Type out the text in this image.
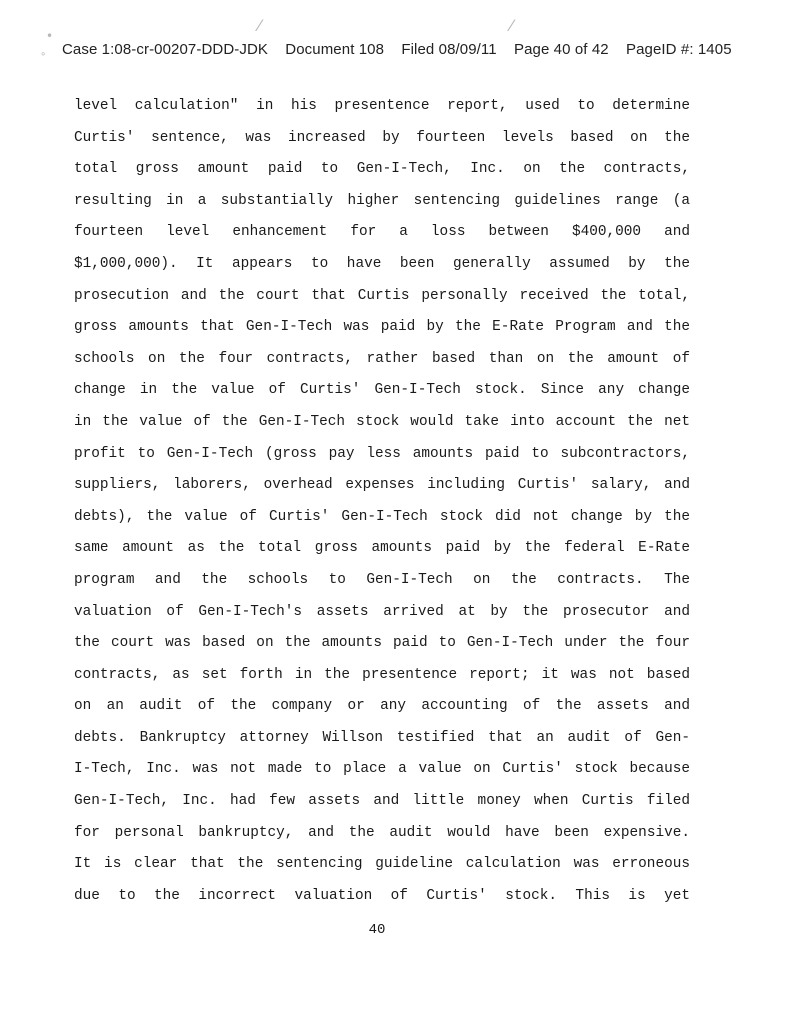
•
∘
⁄	⁄
Case 1:08-cr-00207-DDD-JDK Document 108 Filed 08/09/11 Page 40 of 42 PageID #: 1405
level calculation" in his presentence report, used to determine
Curtis' sentence, was increased by fourteen levels based on the
total gross amount paid to Gen-I-Tech, Inc. on the contracts,
resulting in a substantially higher sentencing guidelines range (a
fourteen level enhancement for a loss between $400,000 and
$1,000,000). It appears to have been generally assumed by the
prosecution and the court that Curtis personally received the total,
gross amounts that Gen-I-Tech was paid by the E-Rate Program and the
schools on the four contracts, rather based than on the amount of
change in the value of Curtis' Gen-I-Tech stock. Since any change
in the value of the Gen-I-Tech stock would take into account the net
profit to Gen-I-Tech (gross pay less amounts paid to subcontractors,
suppliers, laborers, overhead expenses including Curtis' salary, and
debts), the value of Curtis' Gen-I-Tech stock did not change by the
same amount as the total gross amounts paid by the federal E-Rate
program and the schools to Gen-I-Tech on the contracts. The
valuation of Gen-I-Tech's assets arrived at by the prosecutor and
the court was based on the amounts paid to Gen-I-Tech under the four
contracts, as set forth in the presentence report; it was not based
on an audit of the company or any accounting of the assets and
debts. Bankruptcy attorney Willson testified that an audit of Gen-
I-Tech, Inc. was not made to place a value on Curtis' stock because
Gen-I-Tech, Inc. had few assets and little money when Curtis filed
for personal bankruptcy, and the audit would have been expensive.
It is clear that the sentencing guideline calculation was erroneous
due to the incorrect valuation of Curtis' stock. This is yet
40
